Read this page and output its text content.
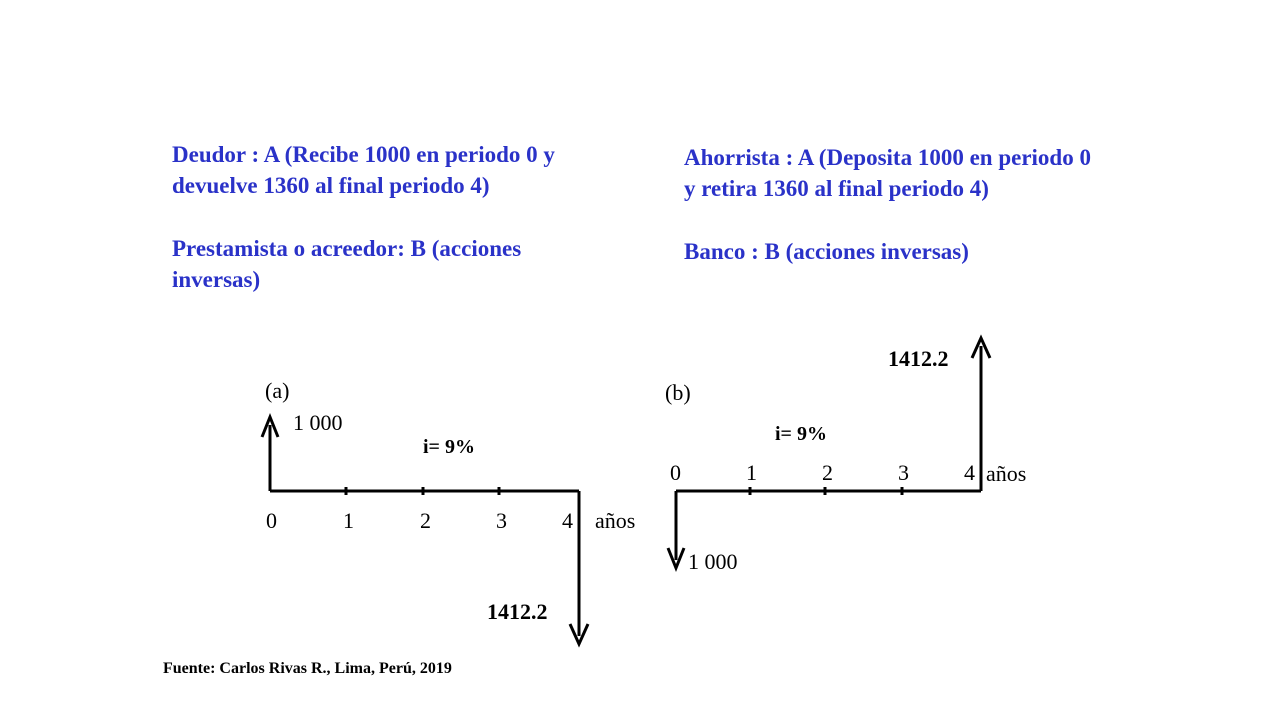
Deudor : A (Recibe 1000 en periodo 0 y devuelve 1360 al final periodo 4)

Prestamista o acreedor: B (acciones inversas)

Ahorrista : A (Deposita 1000 en periodo 0 y retira 1360 al final periodo 4)

Banco : B (acciones inversas)

(a)
1 000
1412.2
i= 9%
0	1	2	3	4 años
(b)
1 000
1412.2
i= 9%
0	1	2	3	4 años
Fuente: Carlos Rivas R., Lima, Perú, 2019
